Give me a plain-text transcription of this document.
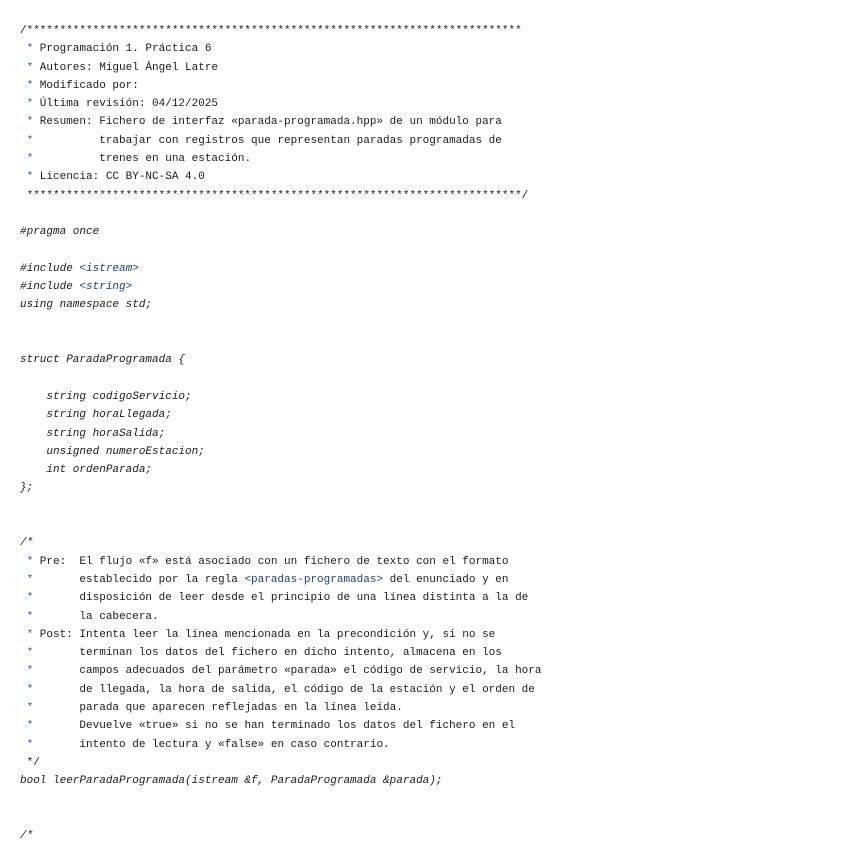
/***************************************************************************
* Programación 1. Práctica 6
* Autores: Miguel Ángel Latre
* Modificado por:
* Última revisión: 04/12/2025
* Resumen: Fichero de interfaz «parada-programada.hpp» de un módulo para
*          trabajar con registros que representan paradas programadas de
*          trenes en una estación.
* Licencia: CC BY-NC-SA 4.0
***************************************************************************/
#pragma once
#include <istream>
#include <string>
using namespace std;
struct ParadaProgramada {
string codigoServicio;
string horaLlegada;
string horaSalida;
unsigned numeroEstacion;
int ordenParada;
};
/*
* Pre:  El flujo «f» está asociado con un fichero de texto con el formato
*       establecido por la regla <paradas-programadas> del enunciado y en
*       disposición de leer desde el principio de una línea distinta a la de
*       la cabecera.
* Post: Intenta leer la línea mencionada en la precondición y, si no se
*       terminan los datos del fichero en dicho intento, almacena en los
*       campos adecuados del parámetro «parada» el código de servicio, la hora
*       de llegada, la hora de salida, el código de la estación y el orden de
*       parada que aparecen reflejadas en la línea leída.
*       Devuelve «true» si no se han terminado los datos del fichero en el
*       intento de lectura y «false» en caso contrario.
*/
bool leerParadaProgramada(istream &f, ParadaProgramada &parada);
/*
